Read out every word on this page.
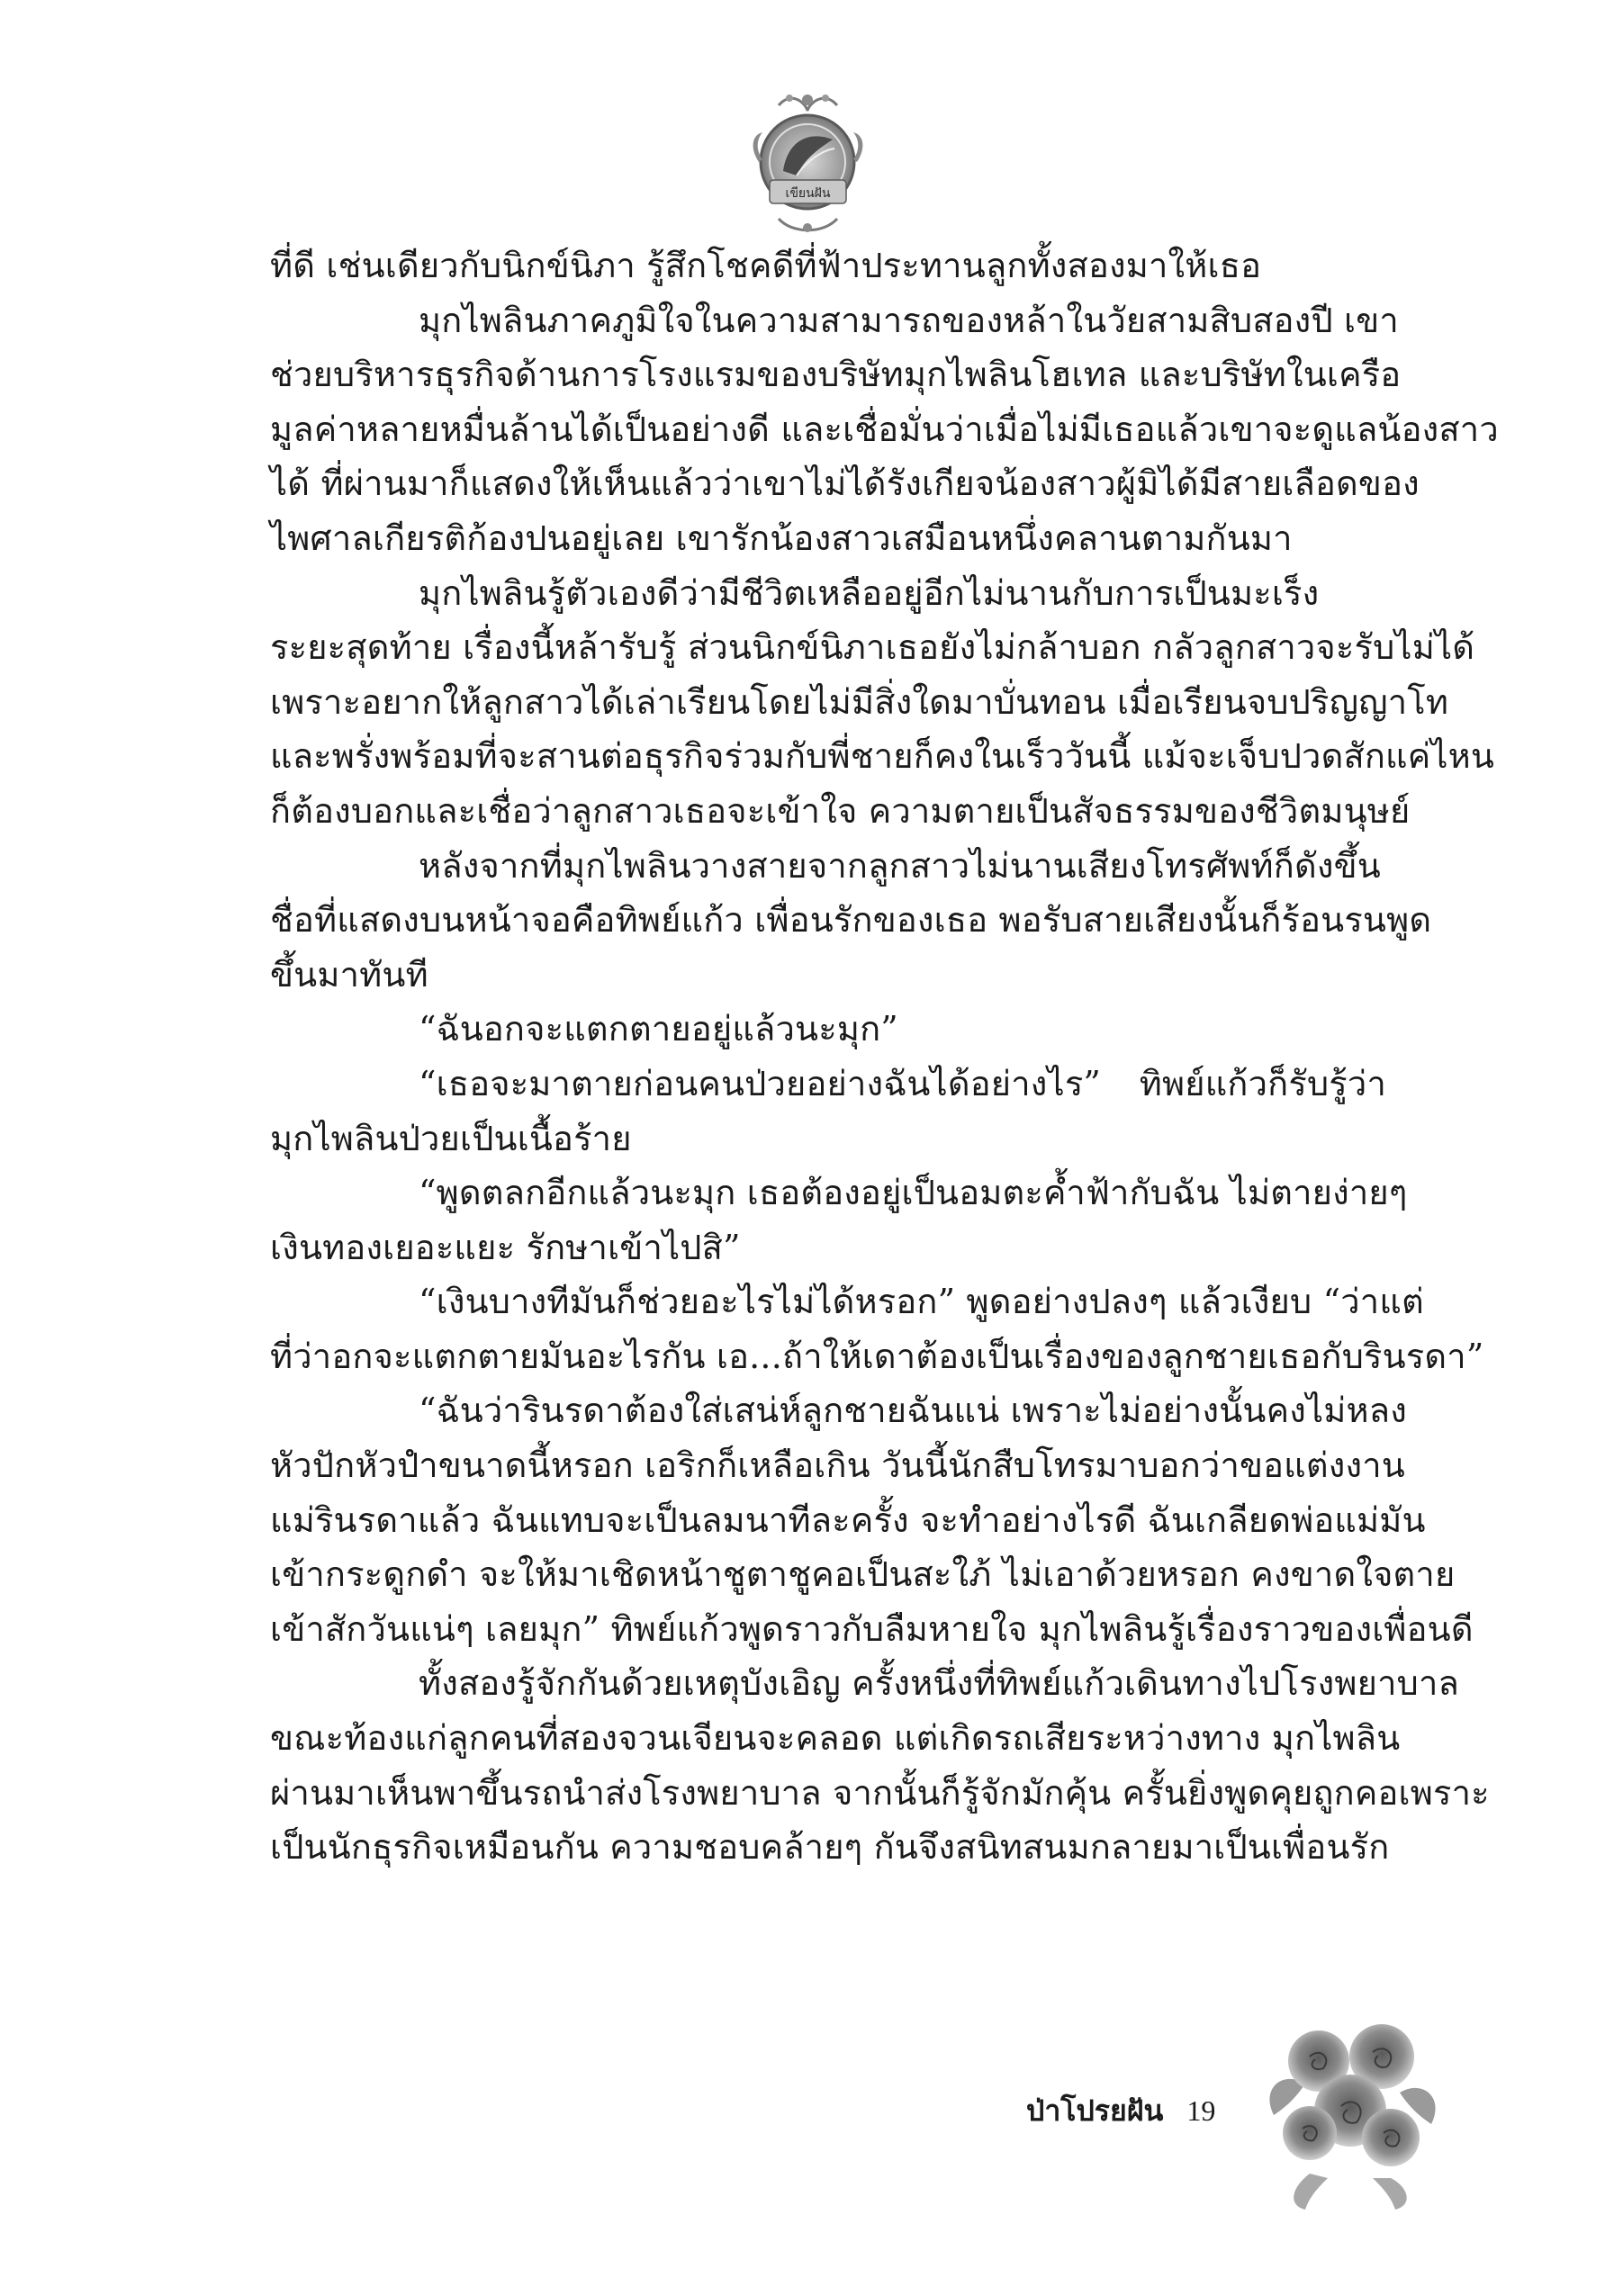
เขียนฝัน
ที่ดี เช่นเดียวกับนิกข์นิภา รู้สึกโชคดีที่ฟ้าประทานลูกทั้งสองมาให้เธอ
มุกไพลินภาคภูมิใจในความสามารถของหล้าในวัยสามสิบสองปี เขา
ช่วยบริหารธุรกิจด้านการโรงแรมของบริษัทมุกไพลินโฮเทล และบริษัทในเครือ
มูลค่าหลายหมื่นล้านได้เป็นอย่างดี และเชื่อมั่นว่าเมื่อไม่มีเธอแล้วเขาจะดูแลน้องสาว
ได้ ที่ผ่านมาก็แสดงให้เห็นแล้วว่าเขาไม่ได้รังเกียจน้องสาวผู้มิได้มีสายเลือดของ
ไพศาลเกียรติก้องปนอยู่เลย เขารักน้องสาวเสมือนหนึ่งคลานตามกันมา
มุกไพลินรู้ตัวเองดีว่ามีชีวิตเหลืออยู่อีกไม่นานกับการเป็นมะเร็ง
ระยะสุดท้าย เรื่องนี้หล้ารับรู้ ส่วนนิกข์นิภาเธอยังไม่กล้าบอก กลัวลูกสาวจะรับไม่ได้
เพราะอยากให้ลูกสาวได้เล่าเรียนโดยไม่มีสิ่งใดมาบั่นทอน เมื่อเรียนจบปริญญาโท
และพรั่งพร้อมที่จะสานต่อธุรกิจร่วมกับพี่ชายก็คงในเร็ววันนี้ แม้จะเจ็บปวดสักแค่ไหน
ก็ต้องบอกและเชื่อว่าลูกสาวเธอจะเข้าใจ ความตายเป็นสัจธรรมของชีวิตมนุษย์
หลังจากที่มุกไพลินวางสายจากลูกสาวไม่นานเสียงโทรศัพท์ก็ดังขึ้น
ชื่อที่แสดงบนหน้าจอคือทิพย์แก้ว เพื่อนรักของเธอ พอรับสายเสียงนั้นก็ร้อนรนพูด
ขึ้นมาทันที
“ฉันอกจะแตกตายอยู่แล้วนะมุก”
“เธอจะมาตายก่อนคนป่วยอย่างฉันได้อย่างไร” ทิพย์แก้วก็รับรู้ว่า
มุกไพลินป่วยเป็นเนื้อร้าย
“พูดตลกอีกแล้วนะมุก เธอต้องอยู่เป็นอมตะค้ำฟ้ากับฉัน ไม่ตายง่ายๆ
เงินทองเยอะแยะ รักษาเข้าไปสิ”
“เงินบางทีมันก็ช่วยอะไรไม่ได้หรอก” พูดอย่างปลงๆ แล้วเงียบ “ว่าแต่
ที่ว่าอกจะแตกตายมันอะไรกัน เอ...ถ้าให้เดาต้องเป็นเรื่องของลูกชายเธอกับรินรดา”
“ฉันว่ารินรดาต้องใส่เสน่ห์ลูกชายฉันแน่ เพราะไม่อย่างนั้นคงไม่หลง
หัวปักหัวปำขนาดนี้หรอก เอริกก็เหลือเกิน วันนี้นักสืบโทรมาบอกว่าขอแต่งงาน
แม่รินรดาแล้ว ฉันแทบจะเป็นลมนาทีละครั้ง จะทำอย่างไรดี ฉันเกลียดพ่อแม่มัน
เข้ากระดูกดำ จะให้มาเชิดหน้าชูตาชูคอเป็นสะใภ้ ไม่เอาด้วยหรอก คงขาดใจตาย
เข้าสักวันแน่ๆ เลยมุก” ทิพย์แก้วพูดราวกับลืมหายใจ มุกไพลินรู้เรื่องราวของเพื่อนดี
ทั้งสองรู้จักกันด้วยเหตุบังเอิญ ครั้งหนึ่งที่ทิพย์แก้วเดินทางไปโรงพยาบาล
ขณะท้องแก่ลูกคนที่สองจวนเจียนจะคลอด แต่เกิดรถเสียระหว่างทาง มุกไพลิน
ผ่านมาเห็นพาขึ้นรถนำส่งโรงพยาบาล จากนั้นก็รู้จักมักคุ้น ครั้นยิ่งพูดคุยถูกคอเพราะ
เป็นนักธุรกิจเหมือนกัน ความชอบคล้ายๆ กันจึงสนิทสนมกลายมาเป็นเพื่อนรัก
ป่าโปรยฝัน 19
